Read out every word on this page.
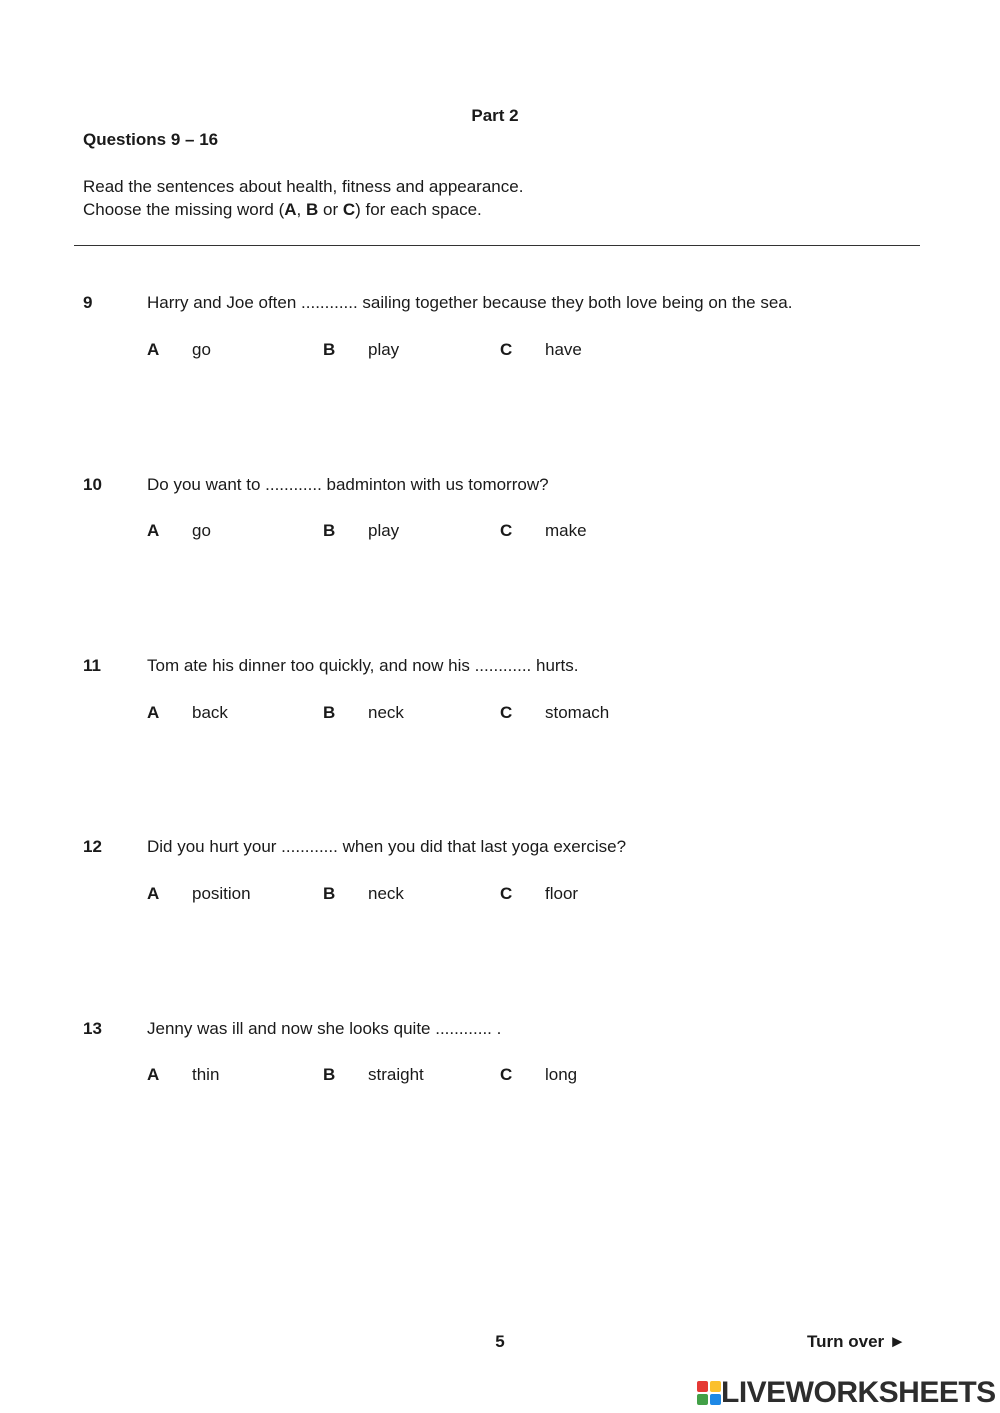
Part 2
Questions 9 – 16
Read the sentences about health, fitness and appearance.
Choose the missing word (A, B or C) for each space.
9	Harry and Joe often ............ sailing together because they both love being on the sea.
A go	B play	C have
10	Do you want to ............ badminton with us tomorrow?
A go	B play	C make
11	Tom ate his dinner too quickly, and now his ............ hurts.
A back	B neck	C stomach
12	Did you hurt your ............ when you did that last yoga exercise?
A position	B neck	C floor
13	Jenny was ill and now she looks quite ............ .
A thin	B straight	C long
5	Turn over ►
LIVEWORKSHEETS
